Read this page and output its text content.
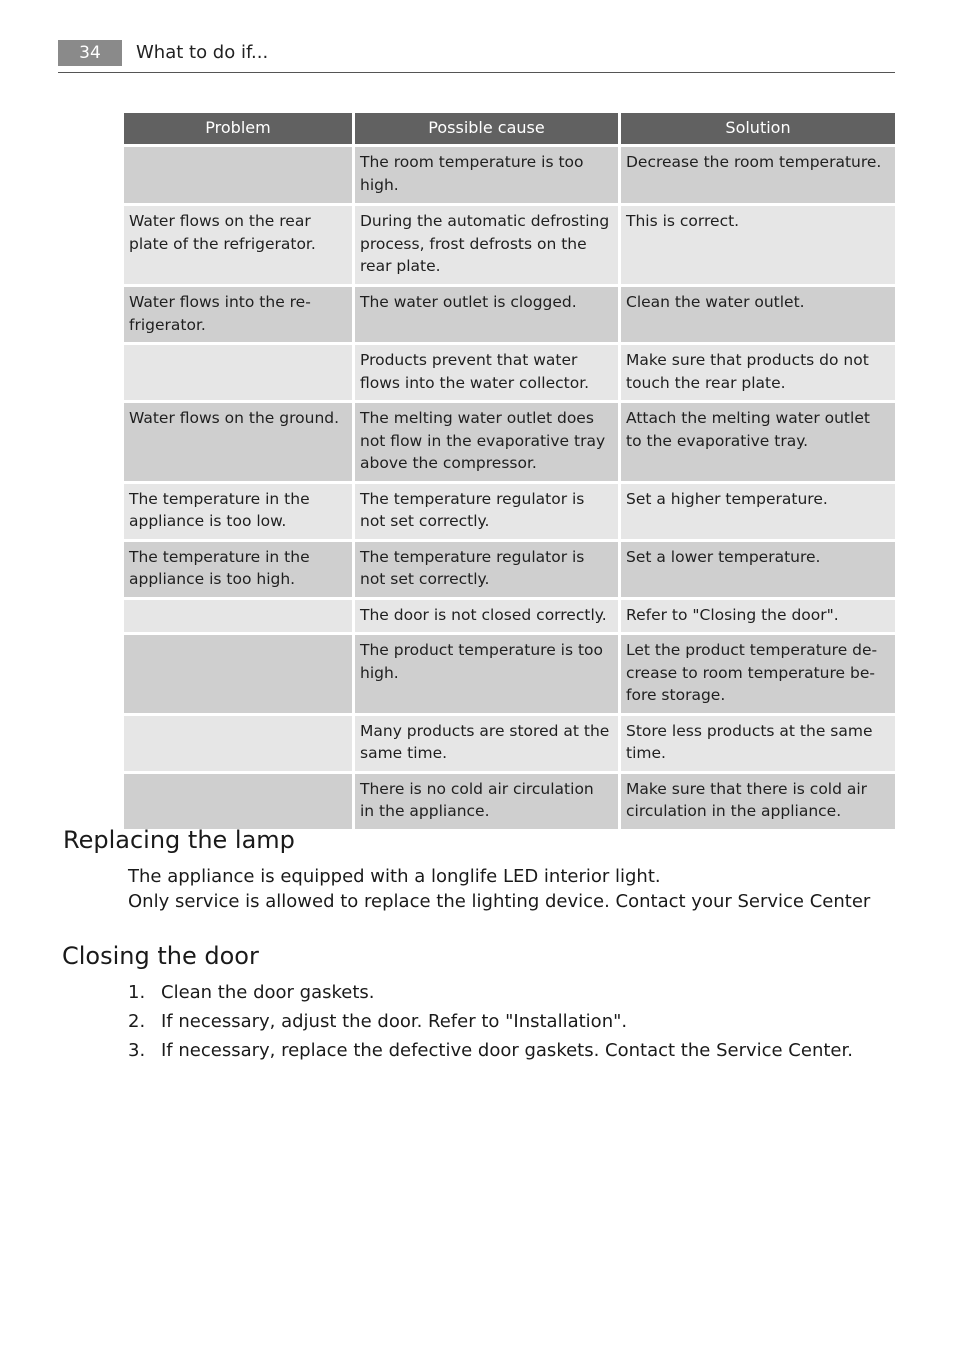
34	What to do if...
Problem	Possible cause	Solution
	The room temperature is too high.	Decrease the room temperature.
Water flows on the rear plate of the refrigerator.	During the automatic defrosting process, frost defrosts on the rear plate.	This is correct.
Water flows into the re-frigerator.	The water outlet is clogged.	Clean the water outlet.
	Products prevent that water flows into the water collector.	Make sure that products do not touch the rear plate.
Water flows on the ground.	The melting water outlet does not flow in the evaporative tray above the compressor.	Attach the melting water outlet to the evaporative tray.
The temperature in the appliance is too low.	The temperature regulator is not set correctly.	Set a higher temperature.
The temperature in the appliance is too high.	The temperature regulator is not set correctly.	Set a lower temperature.
	The door is not closed correctly.	Refer to "Closing the door".
	The product temperature is too high.	Let the product temperature de-crease to room temperature be-fore storage.
	Many products are stored at the same time.	Store less products at the same time.
	There is no cold air circulation in the appliance.	Make sure that there is cold air circulation in the appliance.
Replacing the lamp

The appliance is equipped with a longlife LED interior light.

Only service is allowed to replace the lighting device. Contact your Service Center

Closing the door
1. Clean the door gaskets.
2. If necessary, adjust the door. Refer to "Installation".
3. If necessary, replace the defective door gaskets. Contact the Service Center.
